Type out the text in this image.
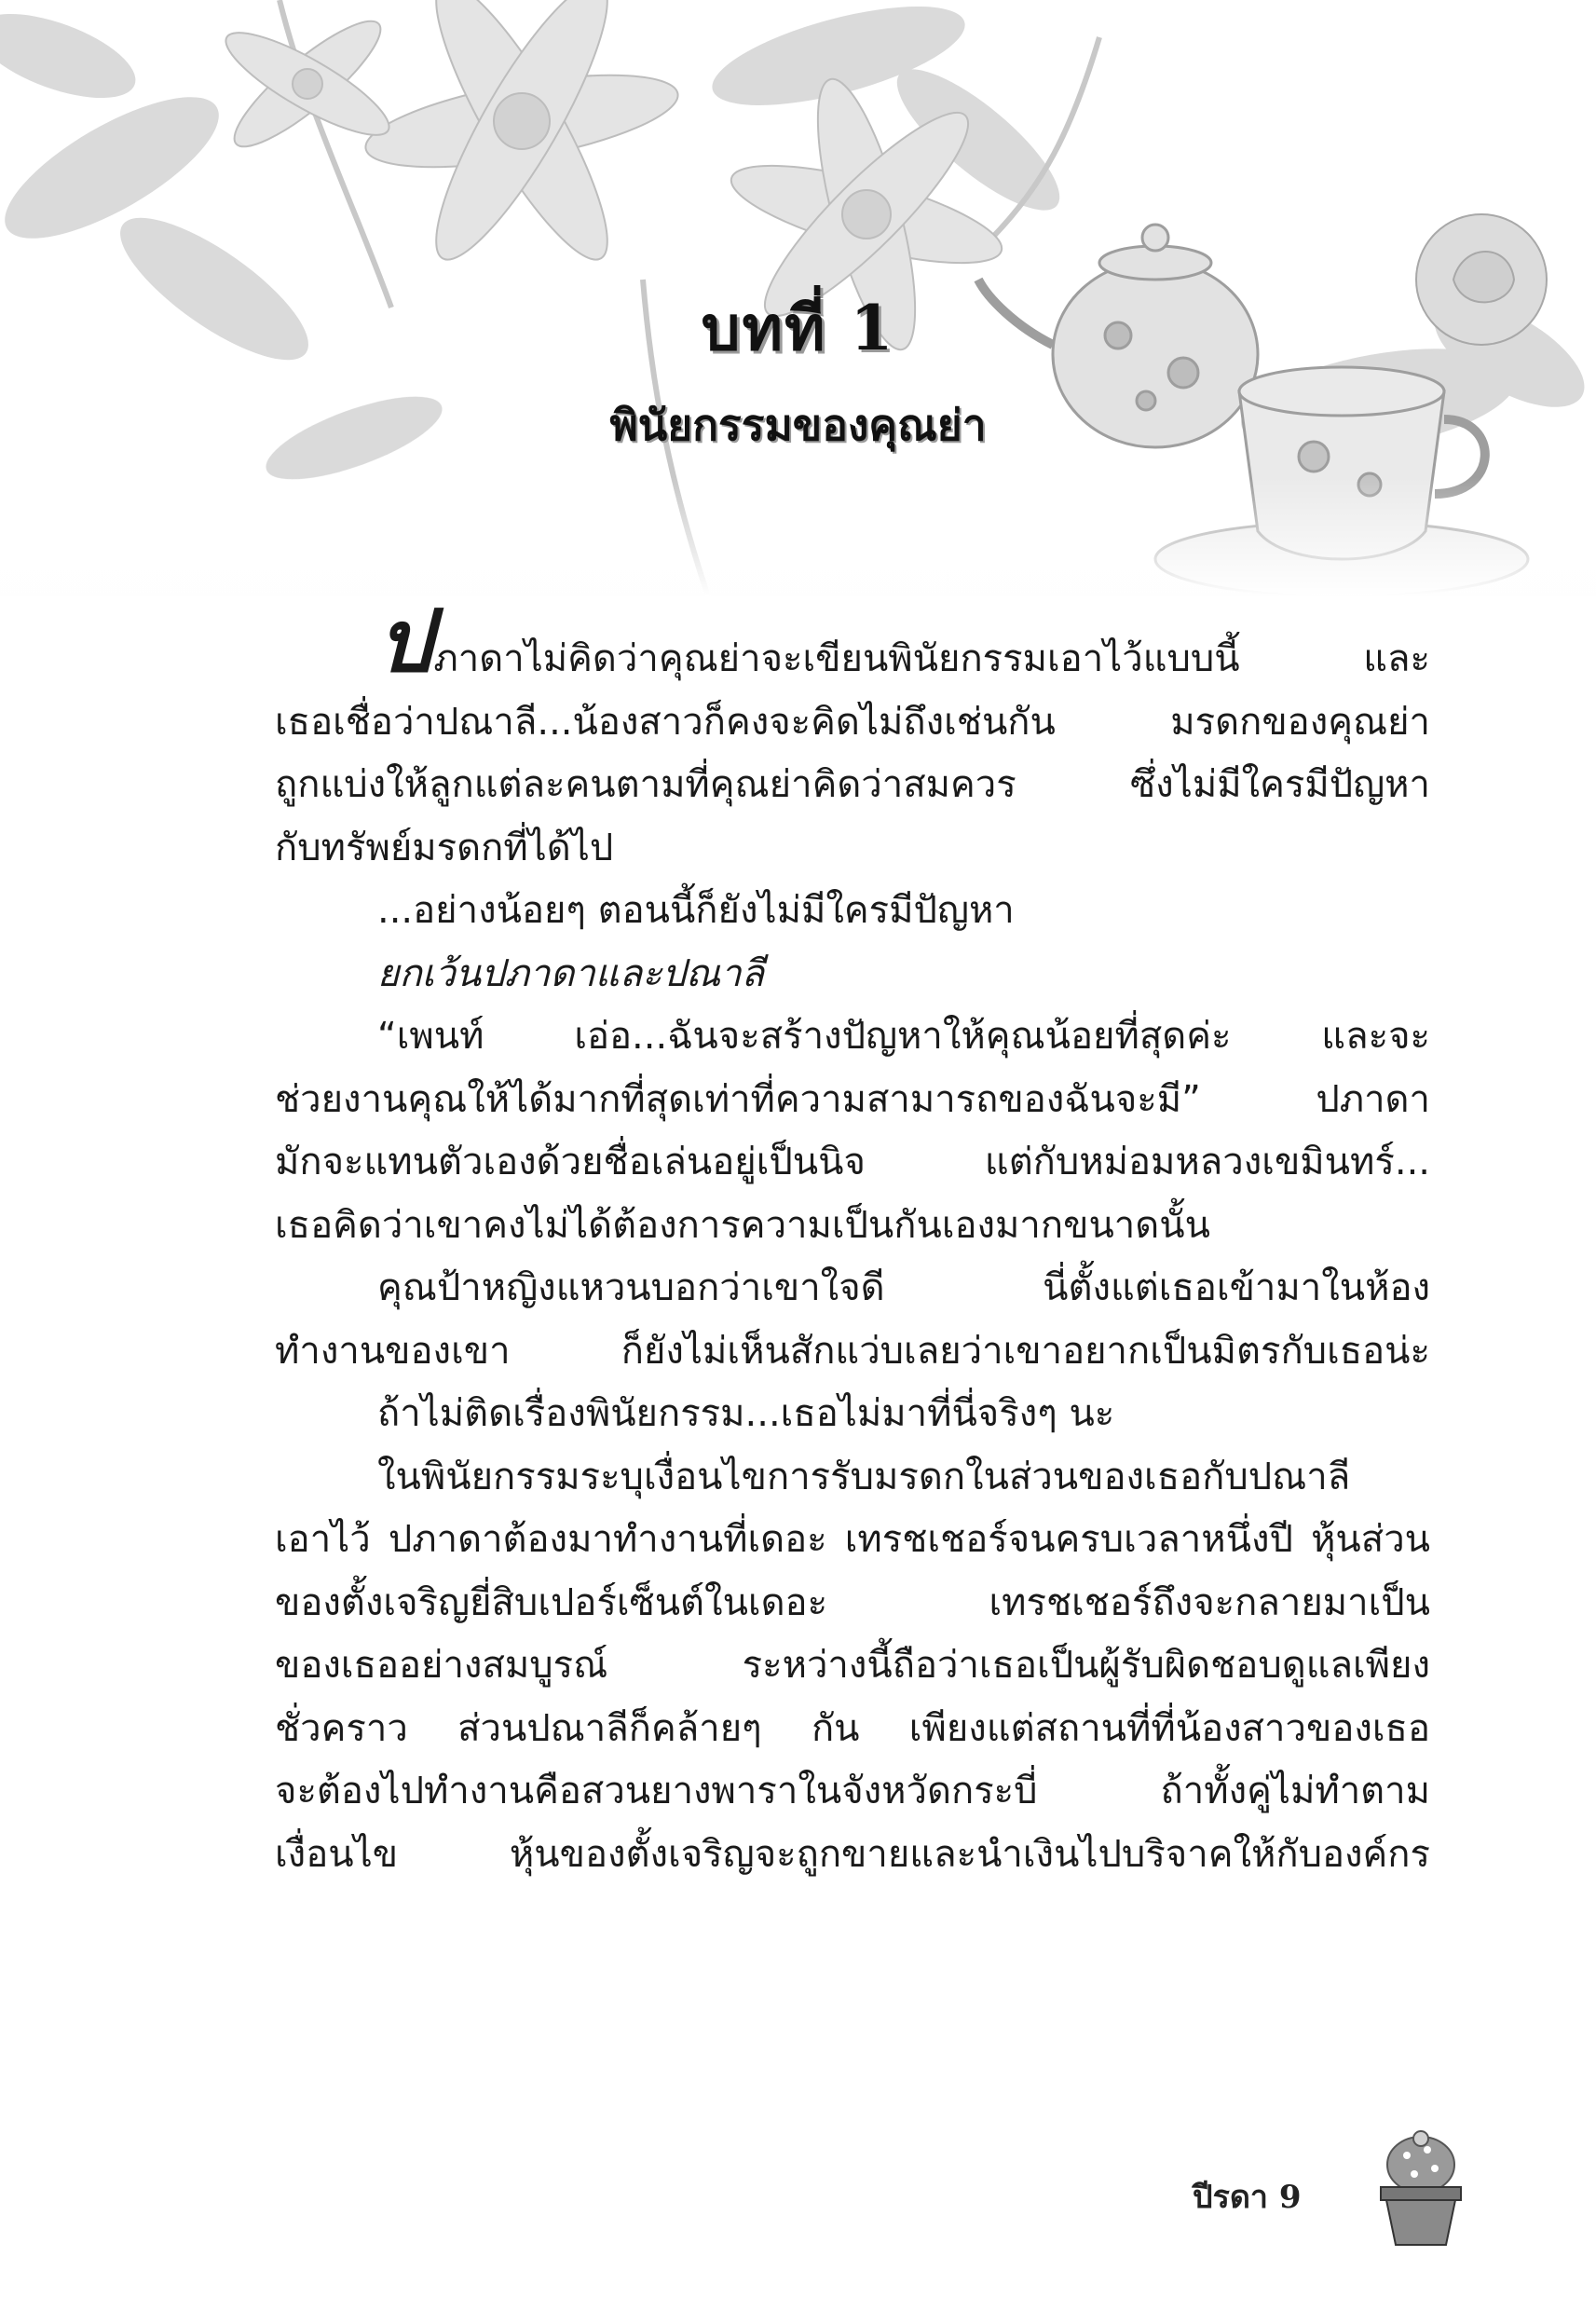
บทที่ 1
พินัยกรรมของคุณย่า
ปภาดาไม่คิดว่าคุณย่าจะเขียนพินัยกรรมเอาไว้แบบนี้ และ
เธอเชื่อว่าปณาลี...น้องสาวก็คงจะคิดไม่ถึงเช่นกัน มรดกของคุณย่า
ถูกแบ่งให้ลูกแต่ละคนตามที่คุณย่าคิดว่าสมควร ซึ่งไม่มีใครมีปัญหา
กับทรัพย์มรดกที่ได้ไป
...อย่างน้อยๆ ตอนนี้ก็ยังไม่มีใครมีปัญหา
ยกเว้นปภาดาและปณาลี
“เพนท์ เอ่อ...ฉันจะสร้างปัญหาให้คุณน้อยที่สุดค่ะ และจะ
ช่วยงานคุณให้ได้มากที่สุดเท่าที่ความสามารถของฉันจะมี” ปภาดา
มักจะแทนตัวเองด้วยชื่อเล่นอยู่เป็นนิจ แต่กับหม่อมหลวงเขมินทร์...
เธอคิดว่าเขาคงไม่ได้ต้องการความเป็นกันเองมากขนาดนั้น
คุณป้าหญิงแหวนบอกว่าเขาใจดี นี่ตั้งแต่เธอเข้ามาในห้อง
ทำงานของเขา ก็ยังไม่เห็นสักแว่บเลยว่าเขาอยากเป็นมิตรกับเธอน่ะ
ถ้าไม่ติดเรื่องพินัยกรรม...เธอไม่มาที่นี่จริงๆ นะ
ในพินัยกรรมระบุเงื่อนไขการรับมรดกในส่วนของเธอกับปณาลี
เอาไว้ ปภาดาต้องมาทำงานที่เดอะ เทรชเชอร์จนครบเวลาหนึ่งปี หุ้นส่วน
ของตั้งเจริญยี่สิบเปอร์เซ็นต์ในเดอะ เทรชเชอร์ถึงจะกลายมาเป็น
ของเธออย่างสมบูรณ์ ระหว่างนี้ถือว่าเธอเป็นผู้รับผิดชอบดูแลเพียง
ชั่วคราว ส่วนปณาลีก็คล้ายๆ กัน เพียงแต่สถานที่ที่น้องสาวของเธอ
จะต้องไปทำงานคือสวนยางพาราในจังหวัดกระบี่ ถ้าทั้งคู่ไม่ทำตาม
เงื่อนไข หุ้นของตั้งเจริญจะถูกขายและนำเงินไปบริจาคให้กับองค์กร
ปีรดา 9
